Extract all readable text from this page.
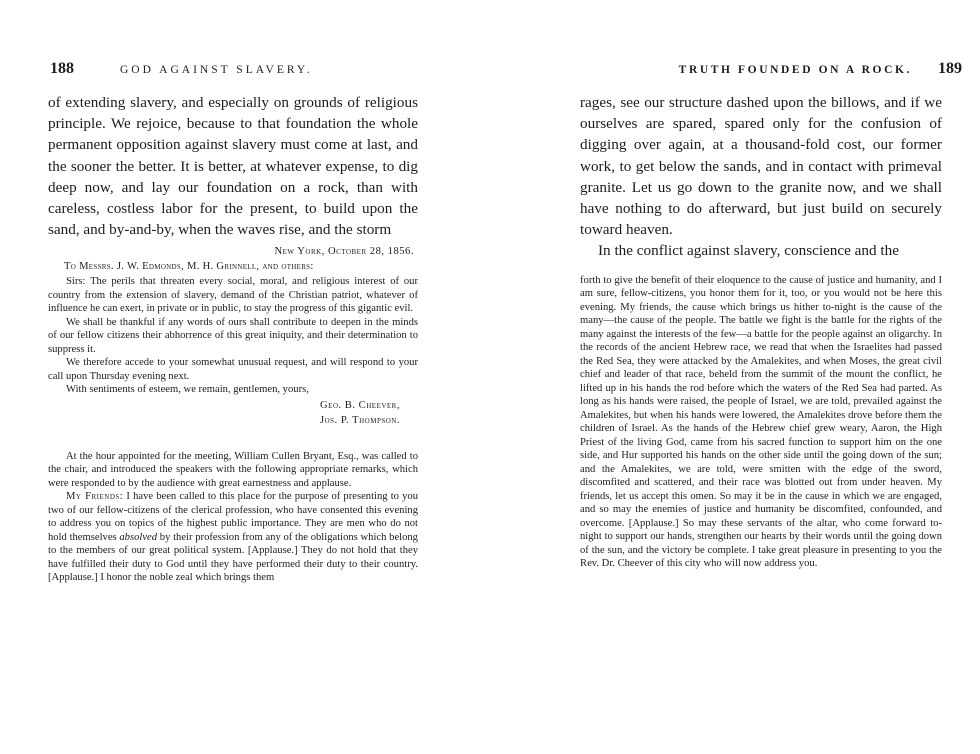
188	GOD AGAINST SLAVERY.

of extending slavery, and especially on grounds of religious principle. We rejoice, because to that foundation the whole permanent opposition against slavery must come at last, and the sooner the better. It is better, at whatever expense, to dig deep now, and lay our foundation on a rock, than with careless, costless labor for the present, to build upon the sand, and by-and-by, when the waves rise, and the storm

New York, October 28, 1856.
To Messrs. J. W. Edmonds, M. H. Grinnell, and others:

Sirs: The perils that threaten every social, moral, and religious interest of our country from the extension of slavery, demand of the Christian patriot, whatever of influence he can exert, in private or in public, to stay the progress of this gigantic evil.

We shall be thankful if any words of ours shall contribute to deepen in the minds of our fellow citizens their abhorrence of this great iniquity, and their determination to suppress it.

We therefore accede to your somewhat unusual request, and will respond to your call upon Thursday evening next.

With sentiments of esteem, we remain, gentlemen, yours,

Geo. B. Cheever,
Jos. P. Thompson.

At the hour appointed for the meeting, William Cullen Bryant, Esq., was called to the chair, and introduced the speakers with the following appropriate remarks, which were responded to by the audience with great earnestness and applause.

My Friends: I have been called to this place for the purpose of presenting to you two of our fellow-citizens of the clerical profession, who have consented this evening to address you on topics of the highest public importance. They are men who do not hold themselves absolved by their profession from any of the obligations which belong to the members of our great political system. [Applause.] They do not hold that they have fulfilled their duty to God until they have performed their duty to their country. [Applause.] I honor the noble zeal which brings them

TRUTH FOUNDED ON A ROCK. 189

rages, see our structure dashed upon the billows, and if we ourselves are spared, spared only for the confusion of digging over again, at a thousand-fold cost, our former work, to get below the sands, and in contact with primeval granite. Let us go down to the granite now, and we shall have nothing to do afterward, but just build on securely toward heaven.

In the conflict against slavery, conscience and the

forth to give the benefit of their eloquence to the cause of justice and humanity, and I am sure, fellow-citizens, you honor them for it, too, or you would not be here this evening. My friends, the cause which brings us hither to-night is the cause of the many—the cause of the people. The battle we fight is the battle for the rights of the many against the interests of the few—a battle for the people against an oligarchy. In the records of the ancient Hebrew race, we read that when the Israelites had passed the Red Sea, they were attacked by the Amalekites, and when Moses, the great civil chief and leader of that race, beheld from the summit of the mount the conflict, he lifted up in his hands the rod before which the waters of the Red Sea had parted. As long as his hands were raised, the people of Israel, we are told, prevailed against the Amalekites, but when his hands were lowered, the Amalekites drove before them the children of Israel. As the hands of the Hebrew chief grew weary, Aaron, the High Priest of the living God, came from his sacred function to support him on the one side, and Hur supported his hands on the other side until the going down of the sun; and the Amalekites, we are told, were smitten with the edge of the sword, discomfited and scattered, and their race was blotted out from under heaven. My friends, let us accept this omen. So may it be in the cause in which we are engaged, and so may the enemies of justice and humanity be discomfited, confounded, and overcome. [Applause.] So may these servants of the altar, who come forward to-night to support our hands, strengthen our hearts by their words until the going down of the sun, and the victory be complete. I take great pleasure in presenting to you the Rev. Dr. Cheever of this city who will now address you.
